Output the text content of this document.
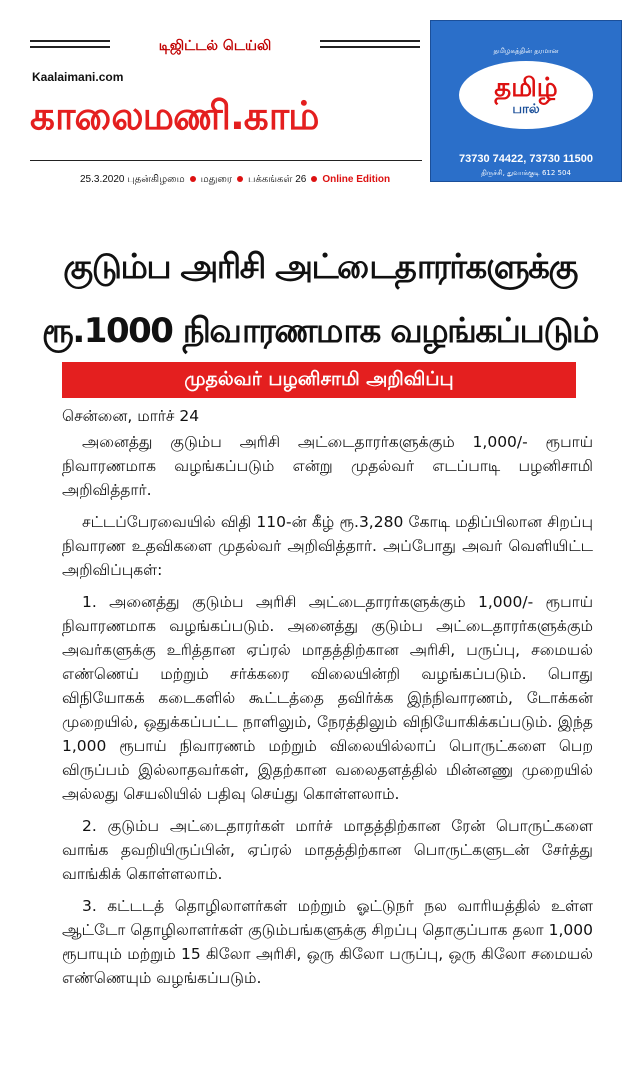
டிஜிட்டல் டெய்லி
Kaalaimani.com
காலைமணி.காம்
25.3.2020 புதன்கிழமை மதுரை பக்கங்கள் 26 Online Edition
தமிழகத்தின் தரமான
தமிழ்
பால்
73730 74422, 73730 11500
திருச்சி, துவாக்குடி 612 504
குடும்ப அரிசி அட்டைதாரர்களுக்கு
ரூ.1000 நிவாரணமாக வழங்கப்படும்
முதல்வர் பழனிசாமி அறிவிப்பு

சென்னை, மார்ச் 24

அனைத்து குடும்ப அரிசி அட்டைதாரர்களுக்கும் 1,000/- ரூபாய் நிவாரணமாக வழங்கப்படும் என்று முதல்வர் எடப்பாடி பழனிசாமி அறிவித்தார்.

சட்டப்பேரவையில் விதி 110-ன் கீழ் ரூ.3,280 கோடி மதிப்பிலான சிறப்பு நிவாரண உதவிகளை முதல்வர் அறிவித்தார். அப்போது அவர் வெளியிட்ட அறிவிப்புகள்:

1. அனைத்து குடும்ப அரிசி அட்டைதாரர்களுக்கும் 1,000/- ரூபாய் நிவாரணமாக வழங்கப்படும். அனைத்து குடும்ப அட்டைதாரர்களுக்கும் அவர்களுக்கு உரித்தான ஏப்ரல் மாதத்திற்கான அரிசி, பருப்பு, சமையல் எண்ணெய் மற்றும் சர்க்கரை விலையின்றி வழங்கப்படும். பொது விநியோகக் கடைகளில் கூட்டத்தை தவிர்க்க இந்நிவாரணம், டோக்கன் முறையில், ஒதுக்கப்பட்ட நாளிலும், நேரத்திலும் விநியோகிக்கப்படும். இந்த 1,000 ரூபாய் நிவாரணம் மற்றும் விலையில்லாப் பொருட்களை பெற விருப்பம் இல்லாதவர்கள், இதற்கான வலைதளத்தில் மின்னணு முறையில் அல்லது செயலியில் பதிவு செய்து கொள்ளலாம்.

2. குடும்ப அட்டைதாரர்கள் மார்ச் மாதத்திற்கான ரேன் பொருட்களை வாங்க தவறியிருப்பின், ஏப்ரல் மாதத்திற்கான பொருட்களுடன் சேர்த்து வாங்கிக் கொள்ளலாம்.

3. கட்டடத் தொழிலாளர்கள் மற்றும் ஓட்டுநர் நல வாரியத்தில் உள்ள ஆட்டோ தொழிலாளர்கள் குடும்பங்களுக்கு சிறப்பு தொகுப்பாக தலா 1,000 ரூபாயும் மற்றும் 15 கிலோ அரிசி, ஒரு கிலோ பருப்பு, ஒரு கிலோ சமையல் எண்ணெயும் வழங்கப்படும்.
